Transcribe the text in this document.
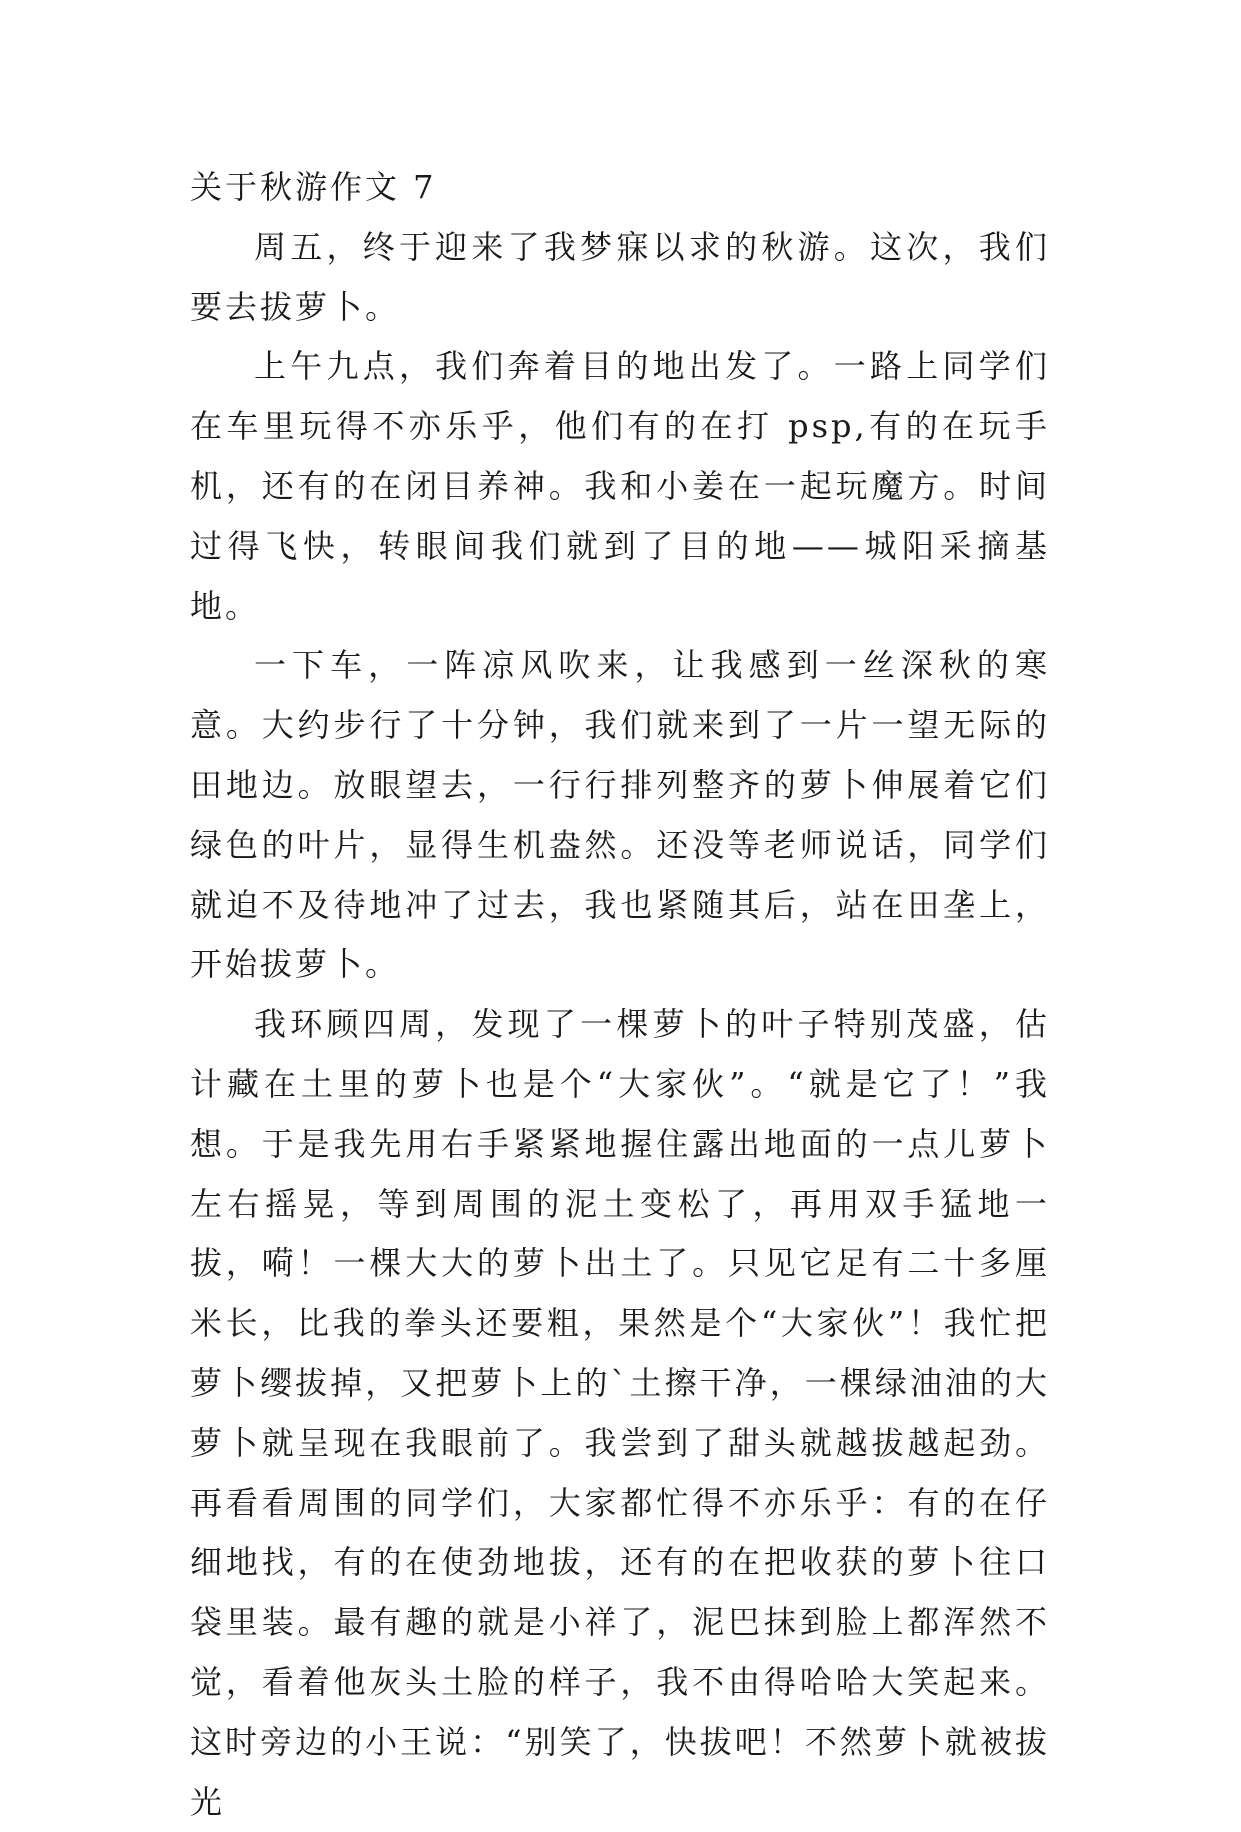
关于秋游作文 7

周五，终于迎来了我梦寐以求的秋游。这次，我们要去拔萝卜。

上午九点，我们奔着目的地出发了。一路上同学们在车里玩得不亦乐乎，他们有的在打 psp,有的在玩手机，还有的在闭目养神。我和小姜在一起玩魔方。时间过得飞快，转眼间我们就到了目的地——城阳采摘基地。

一下车，一阵凉风吹来，让我感到一丝深秋的寒意。大约步行了十分钟，我们就来到了一片一望无际的田地边。放眼望去，一行行排列整齐的萝卜伸展着它们绿色的叶片，显得生机盎然。还没等老师说话，同学们就迫不及待地冲了过去，我也紧随其后，站在田垄上，开始拔萝卜。

我环顾四周，发现了一棵萝卜的叶子特别茂盛，估计藏在土里的萝卜也是个“大家伙”。“就是它了！”我想。于是我先用右手紧紧地握住露出地面的一点儿萝卜左右摇晃，等到周围的泥土变松了，再用双手猛地一拔，嗬！一棵大大的萝卜出土了。只见它足有二十多厘米长，比我的拳头还要粗，果然是个“大家伙”！我忙把萝卜缨拔掉，又把萝卜上的`土擦干净，一棵绿油油的大萝卜就呈现在我眼前了。我尝到了甜头就越拔越起劲。再看看周围的同学们，大家都忙得不亦乐乎：有的在仔细地找，有的在使劲地拔，还有的在把收获的萝卜往口袋里装。最有趣的就是小祥了，泥巴抹到脸上都浑然不觉，看着他灰头土脸的样子，我不由得哈哈大笑起来。这时旁边的小王说：“别笑了，快拔吧！不然萝卜就被拔光
